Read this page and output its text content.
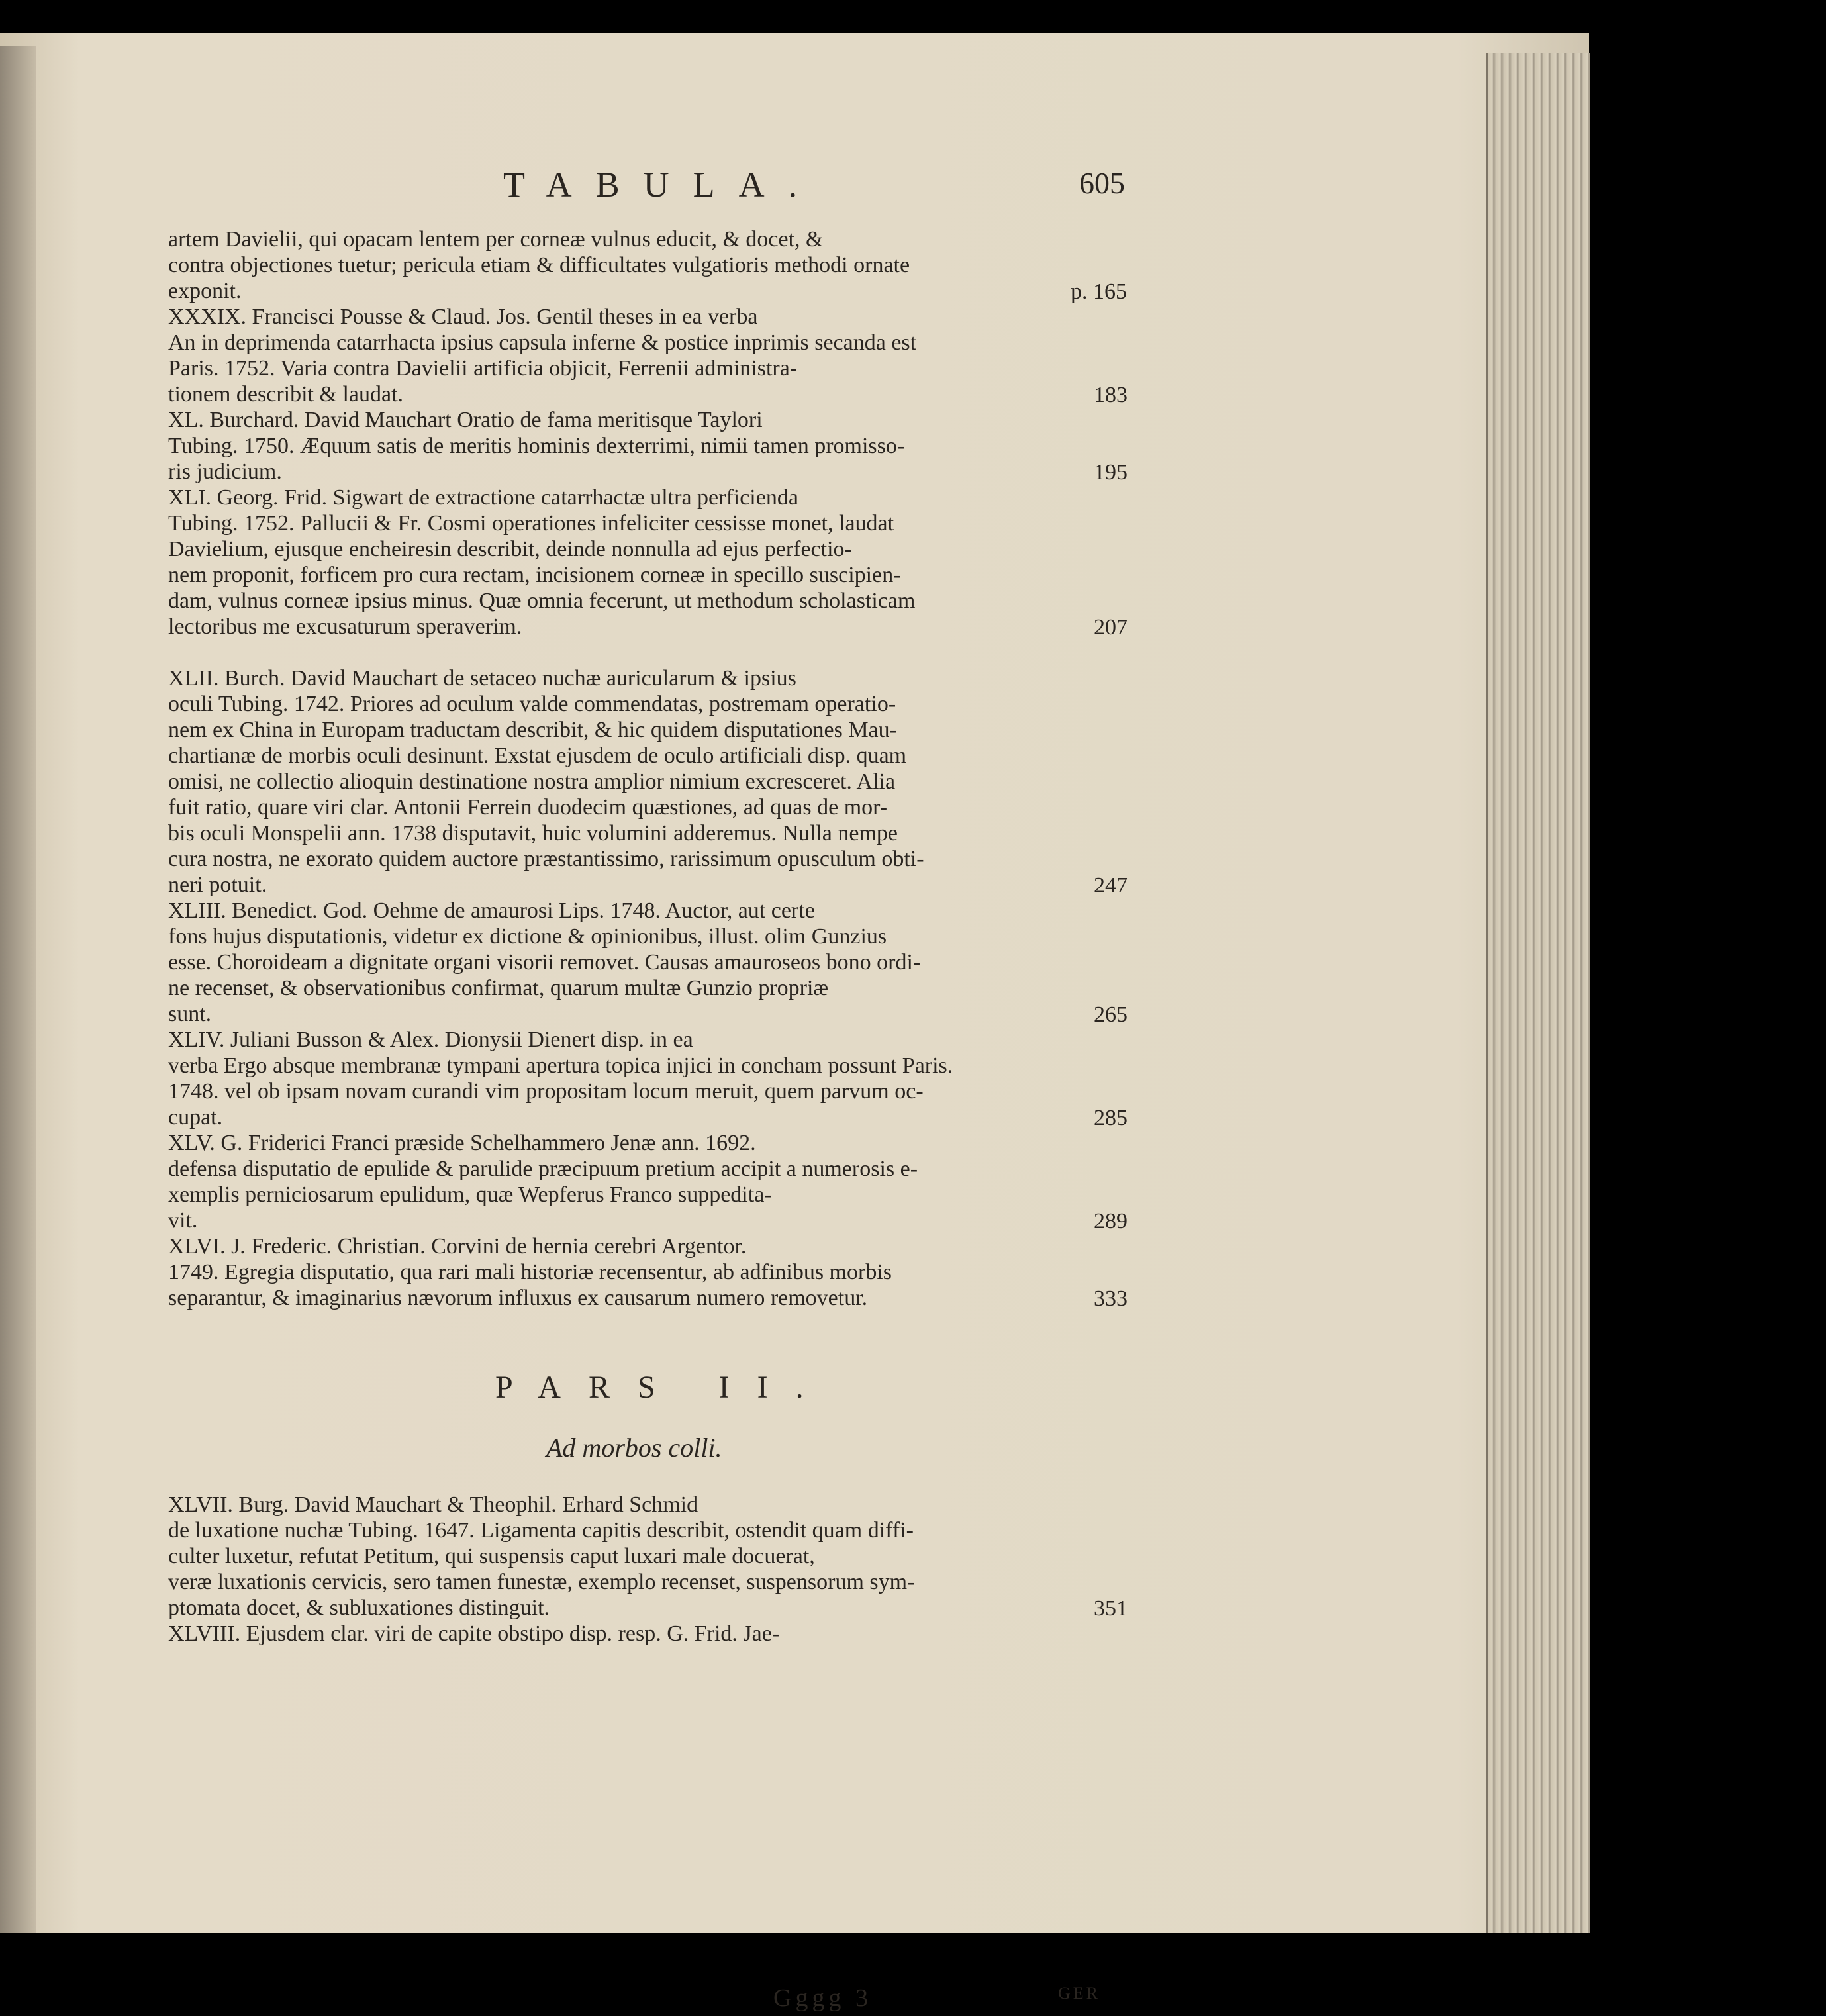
TABULA.	605
artem Davielii, qui opacam lentem per corneæ vulnus educit, & docet, &
contra objectiones tuetur; pericula etiam & difficultates vulgatioris methodi ornate
exponit.	p. 165
XXXIX. Francisci Pousse & Claud. Jos. Gentil theses in ea verba
An in deprimenda catarrhacta ipsius capsula inferne & postice inprimis secanda est
Paris. 1752. Varia contra Davielii artificia objicit, Ferrenii administra-
tionem describit & laudat.	183
XL. Burchard. David Mauchart Oratio de fama meritisque Taylori
Tubing. 1750. Æquum satis de meritis hominis dexterrimi, nimii tamen promisso-
ris judicium.	195
XLI. Georg. Frid. Sigwart de extractione catarrhactæ ultra perficienda
Tubing. 1752. Pallucii & Fr. Cosmi operationes infeliciter cessisse monet, laudat
Davielium, ejusque encheiresin describit, deinde nonnulla ad ejus perfectio-
nem proponit, forficem pro cura rectam, incisionem corneæ in specillo suscipien-
dam, vulnus corneæ ipsius minus. Quæ omnia fecerunt, ut methodum scholasticam
lectoribus me excusaturum speraverim.	207
XLII. Burch. David Mauchart de setaceo nuchæ auricularum & ipsius
oculi Tubing. 1742. Priores ad oculum valde commendatas, postremam operatio-
nem ex China in Europam traductam describit, & hic quidem disputationes Mau-
chartianæ de morbis oculi desinunt. Exstat ejusdem de oculo artificiali disp. quam
omisi, ne collectio alioquin destinatione nostra amplior nimium excresceret. Alia
fuit ratio, quare viri clar. Antonii Ferrein duodecim quæstiones, ad quas de mor-
bis oculi Monspelii ann. 1738 disputavit, huic volumini adderemus. Nulla nempe
cura nostra, ne exorato quidem auctore præstantissimo, rarissimum opusculum obti-
neri potuit.	247
XLIII. Benedict. God. Oehme de amaurosi Lips. 1748. Auctor, aut certe
fons hujus disputationis, videtur ex dictione & opinionibus, illust. olim Gunzius
esse. Choroideam a dignitate organi visorii removet. Causas amauroseos bono ordi-
ne recenset, & observationibus confirmat, quarum multæ Gunzio propriæ
sunt.	265
XLIV. Juliani Busson & Alex. Dionysii Dienert disp. in ea
verba Ergo absque membranæ tympani apertura topica injici in concham possunt Paris.
1748. vel ob ipsam novam curandi vim propositam locum meruit, quem parvum oc-
cupat.	285
XLV. G. Friderici Franci præside Schelhammero Jenæ ann. 1692.
defensa disputatio de epulide & parulide præcipuum pretium accipit a numerosis e-
xemplis perniciosarum epulidum, quæ Wepferus Franco suppedita-
vit.	289
XLVI. J. Frederic. Christian. Corvini de hernia cerebri Argentor.
1749. Egregia disputatio, qua rari mali historiæ recensentur, ab adfinibus morbis
separantur, & imaginarius nævorum influxus ex causarum numero removetur.	333
XLVII. Burg. David Mauchart & Theophil. Erhard Schmid
de luxatione nuchæ Tubing. 1647. Ligamenta capitis describit, ostendit quam diffi-
culter luxetur, refutat Petitum, qui suspensis caput luxari male docuerat,
veræ luxationis cervicis, sero tamen funestæ, exemplo recenset, suspensorum sym-
ptomata docet, & subluxationes distinguit.	351
XLVIII. Ejusdem clar. viri de capite obstipo disp. resp. G. Frid. Jae-
PARS II.
Ad morbos colli.
Gggg 3	GER
